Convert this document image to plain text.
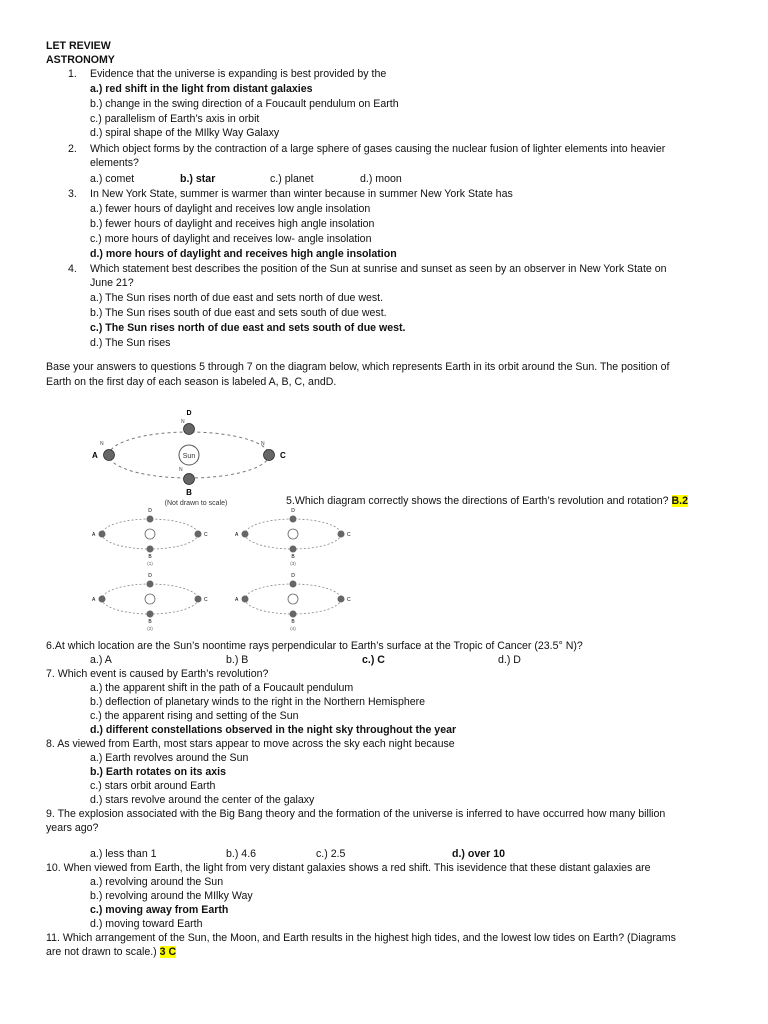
LET REVIEW
ASTRONOMY
1. Evidence that the universe is expanding is best provided by the
a.) red shift in the light from distant galaxies
b.) change in the swing direction of a Foucault pendulum on Earth
c.) parallelism of Earth’s axis in orbit
d.) spiral shape of the MIlky Way Galaxy
2. Which object forms by the contraction of a large sphere of gases causing the nuclear fusion of lighter elements into heavier
elements?
a.) comet	b.) star	c.) planet	d.) moon
3. In New York State, summer is warmer than winter because in summer New York State has
a.) fewer hours of daylight and receives low angle insolation
b.) fewer hours of daylight and receives high angle insolation
c.) more hours of daylight and receives low- angle insolation
d.) more hours of daylight and receives high angle insolation
4. Which statement best describes the position of the Sun at sunrise and sunset as seen by an observer in New York State on
June 21?
a.) The Sun rises north of due east and sets north of due west.
b.) The Sun rises south of due east and sets south of due west.
c.) The Sun rises north of due east and sets south of due west.
d.) The Sun rises
Base your answers to questions 5 through 7 on the diagram below, which represents Earth in its orbit around the Sun. The position of
Earth on the first day of each season is labeled A, B, C, andD.
Sun
D
N
B
N
A
N
C
N
(Not drawn to scale)	5.Which diagram correctly shows the directions of Earth’s revolution and rotation? B.2
D
A	C
B
(1)
D
A	C
B
(3)
D
A	C
B
(2)
D
A	C
B
(4)
6.At which location are the Sun’s noontime rays perpendicular to Earth’s surface at the Tropic of Cancer (23.5° N)?
a.) A	b.) B	c.) C	d.) D
7. Which event is caused by Earth’s revolution?
a.) the apparent shift in the path of a Foucault pendulum
b.) deflection of planetary winds to the right in the Northern Hemisphere
c.) the apparent rising and setting of the Sun
d.) different constellations observed in the night sky throughout the year
8. As viewed from Earth, most stars appear to move across the sky each night because
a.) Earth revolves around the Sun
b.) Earth rotates on its axis
c.) stars orbit around Earth
d.) stars revolve around the center of the galaxy
9. The explosion associated with the Big Bang theory and the formation of the universe is inferred to have occurred how many billion
years ago?
a.) less than 1	b.) 4.6	c.) 2.5	d.) over 10
10. When viewed from Earth, the light from very distant galaxies shows a red shift. This isevidence that these distant galaxies are
a.) revolving around the Sun
b.) revolving around the MIlky Way
c.) moving away from Earth
d.) moving toward Earth
11. Which arrangement of the Sun, the Moon, and Earth results in the highest high tides, and the lowest low tides on Earth? (Diagrams
are not drawn to scale.) 3 C
